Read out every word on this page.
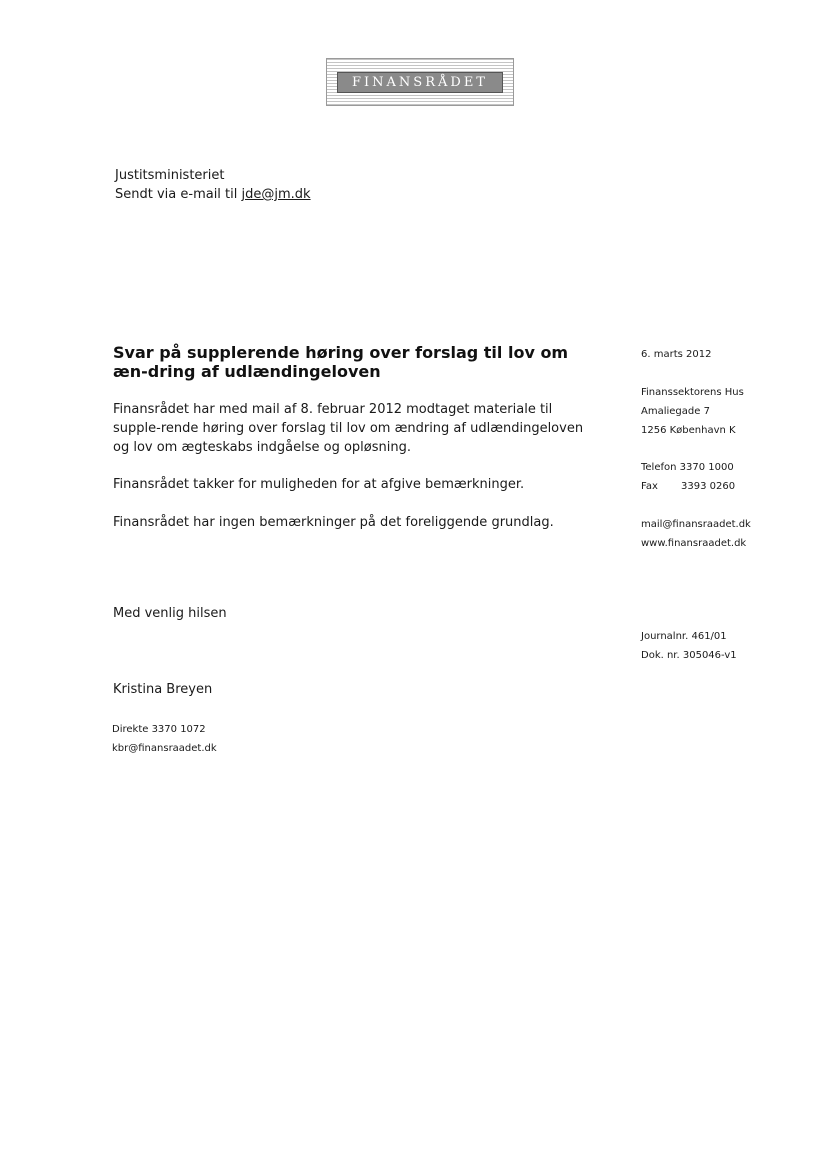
FINANSRÅDET
Justitsministeriet
Sendt via e-mail til jde@jm.dk
Svar på supplerende høring over forslag til lov om æn-dring af udlændingeloven
Finansrådet har med mail af 8. februar 2012 modtaget materiale til supple-rende høring over forslag til lov om ændring af udlændingeloven og lov om ægteskabs indgåelse og opløsning.
Finansrådet takker for muligheden for at afgive bemærkninger.
Finansrådet har ingen bemærkninger på det foreliggende grundlag.
Med venlig hilsen
Kristina Breyen
Direkte 3370 1072
kbr@finansraadet.dk
6. marts 2012
Finanssektorens Hus
Amaliegade 7
1256 København K
Telefon 3370 1000
Fax	3393 0260
mail@finansraadet.dk
www.finansraadet.dk
Journalnr. 461/01
Dok. nr. 305046-v1
